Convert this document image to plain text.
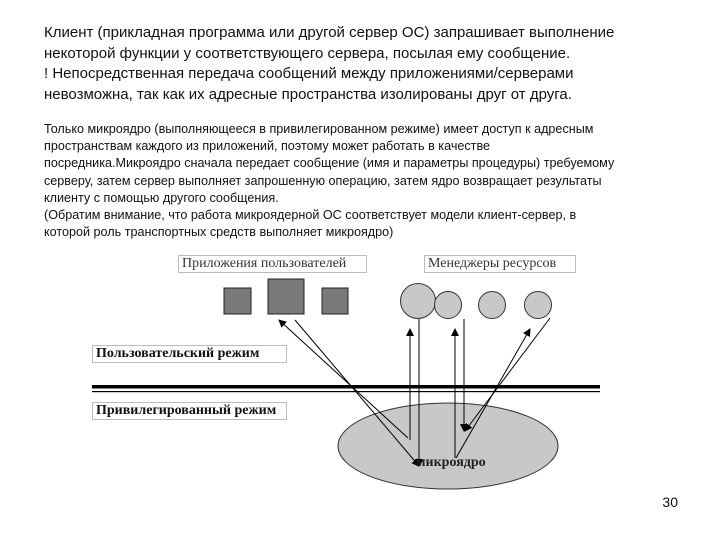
Клиент (прикладная программа или другой сервер ОС) запрашивает выполнение
некоторой функции у соответствующего сервера, посылая ему сообщение.
! Непосредственная передача сообщений между приложениями/серверами
невозможна, так как их адресные пространства изолированы друг от друга.
Только микроядро (выполняющееся в привилегированном режиме) имеет доступ к адресным
пространствам каждого из приложений, поэтому может работать в качестве
посредника.Микроядро сначала передает сообщение (имя и параметры процедуры) требуемому
серверу, затем сервер выполняет запрошенную операцию, затем ядро возвращает результаты
клиенту с помощью другого сообщения.
(Обратим внимание, что работа микроядерной ОС соответствует модели клиент-сервер, в
которой роль транспортных средств выполняет микроядро)
Приложения пользователей	Менеджеры ресурсов
Пользовательский режим
Привилегированный режим
микроядро
30
